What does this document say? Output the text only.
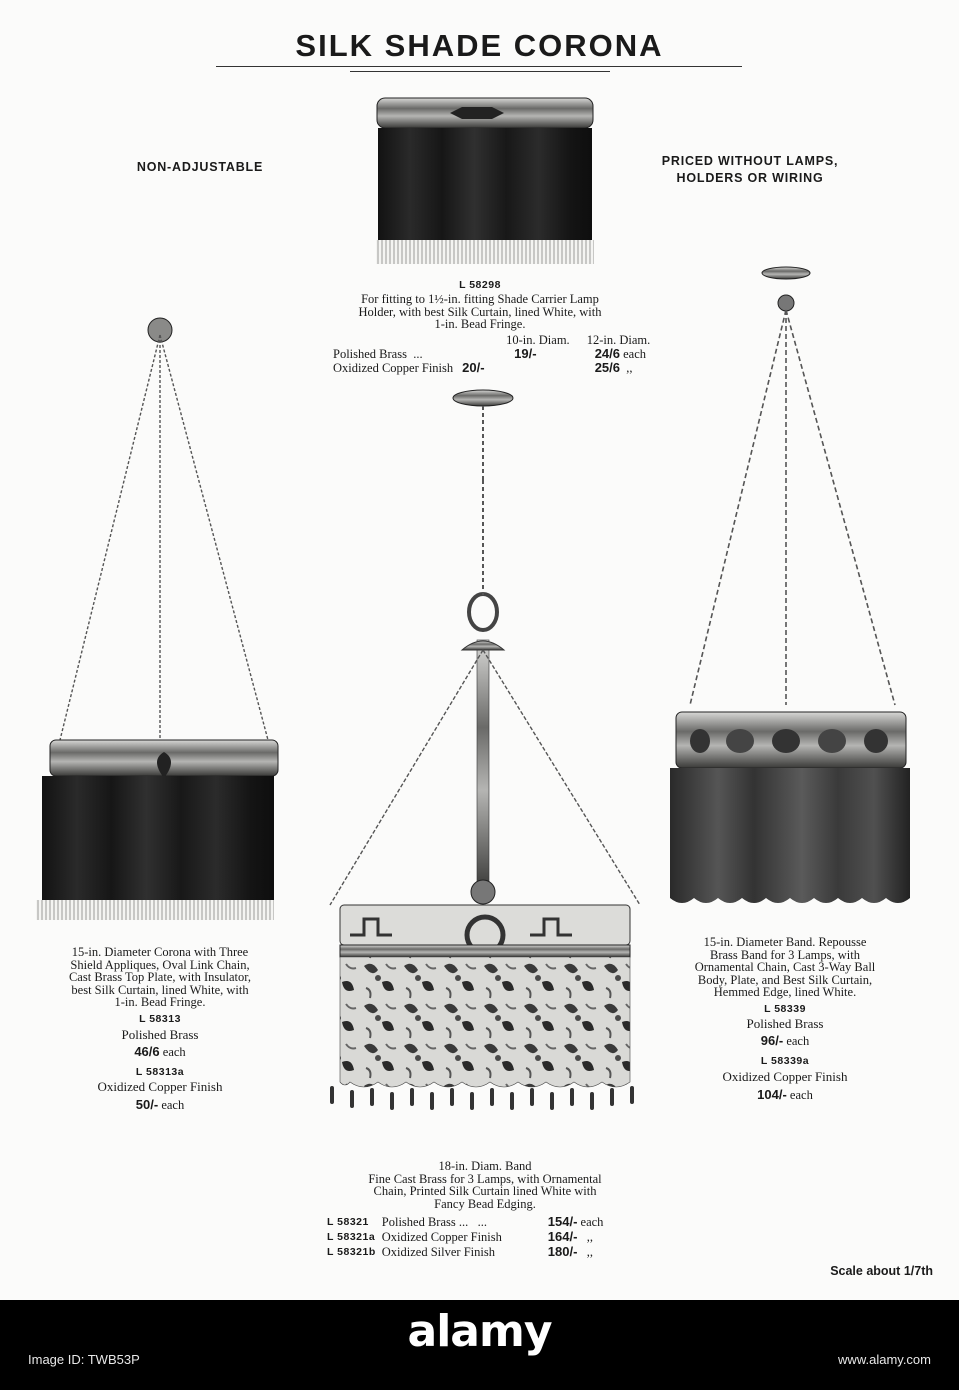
SILK SHADE CORONA
NON-ADJUSTABLE	PRICED WITHOUT LAMPS,
HOLDERS OR WIRING
L 58298
For fitting to 1½-in. fitting Shade Carrier Lamp
Holder, with best Silk Curtain, lined White, with
1-in. Bead Fringe.
	10-in. Diam.	12-in. Diam.
Polished Brass ...	19/-	24/6 each
Oxidized Copper Finish	20/-	25/6 ,,
15-in. Diameter Corona with Three
Shield Appliques, Oval Link Chain,
Cast Brass Top Plate, with Insulator,
best Silk Curtain, lined White, with
1-in. Bead Fringe.
L 58313
Polished Brass
46/6 each
L 58313a
Oxidized Copper Finish
50/- each
18-in. Diam. Band
Fine Cast Brass for 3 Lamps, with Ornamental
Chain, Printed Silk Curtain lined White with
Fancy Bead Edging.
L 58321	Polished Brass ... ...	154/- each
L 58321a	Oxidized Copper Finish	164/- ,,
L 58321b	Oxidized Silver Finish	180/- ,,
15-in. Diameter Band. Repousse
Brass Band for 3 Lamps, with
Ornamental Chain, Cast 3-Way Ball
Body, Plate, and Best Silk Curtain,
Hemmed Edge, lined White.
L 58339
Polished Brass
96/- each
L 58339a
Oxidized Copper Finish
104/- each
Scale about 1/7th
alamy
Image ID: TWB53P	www.alamy.com
